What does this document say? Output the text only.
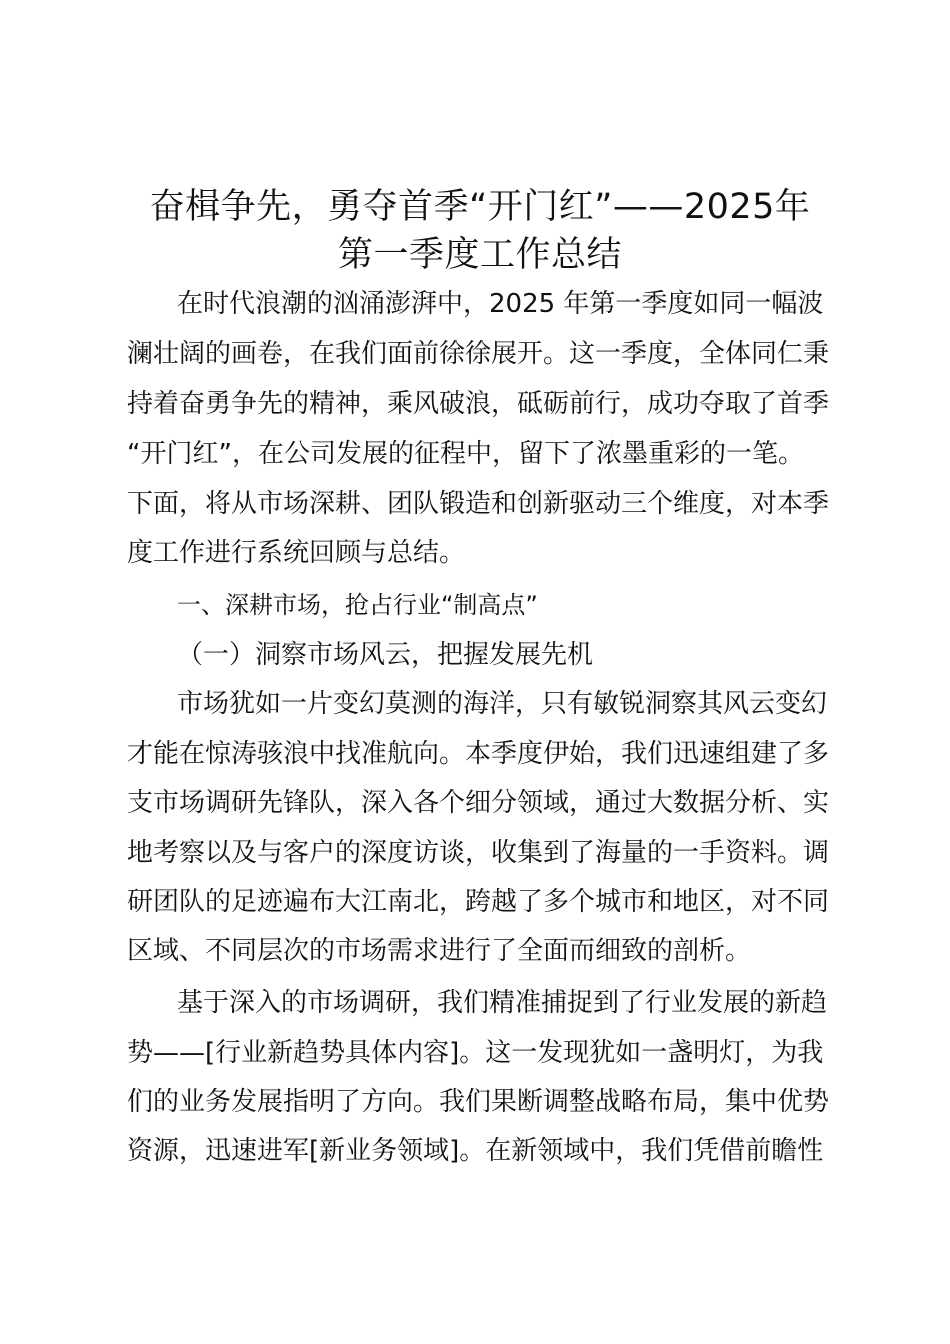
奋楫争先，勇夺首季“开门红”——2025年
第一季度工作总结

在时代浪潮的汹涌澎湃中，2025 年第一季度如同一幅波

澜壮阔的画卷，在我们面前徐徐展开。这一季度，全体同仁秉

持着奋勇争先的精神，乘风破浪，砥砺前行，成功夺取了首季

“开门红”，在公司发展的征程中，留下了浓墨重彩的一笔。

下面，将从市场深耕、团队锻造和创新驱动三个维度，对本季

度工作进行系统回顾与总结。

一、深耕市场，抢占行业“制高点”

（一）洞察市场风云，把握发展先机

市场犹如一片变幻莫测的海洋，只有敏锐洞察其风云变幻

才能在惊涛骇浪中找准航向。本季度伊始，我们迅速组建了多

支市场调研先锋队，深入各个细分领域，通过大数据分析、实

地考察以及与客户的深度访谈，收集到了海量的一手资料。调

研团队的足迹遍布大江南北，跨越了多个城市和地区，对不同

区域、不同层次的市场需求进行了全面而细致的剖析。

基于深入的市场调研，我们精准捕捉到了行业发展的新趋

势——[行业新趋势具体内容]。这一发现犹如一盏明灯，为我

们的业务发展指明了方向。我们果断调整战略布局，集中优势

资源，迅速进军[新业务领域]。在新领域中，我们凭借前瞻性
